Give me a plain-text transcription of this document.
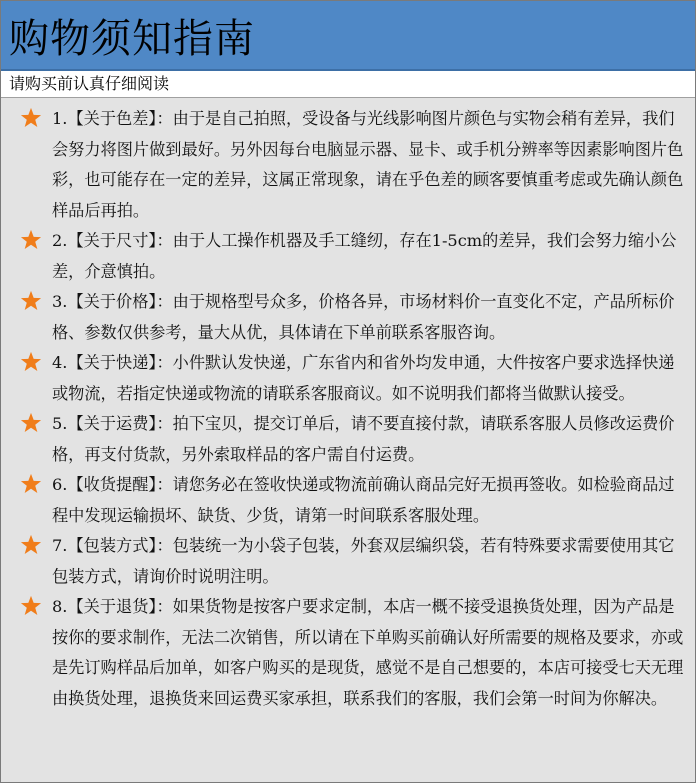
购物须知指南
请购买前认真仔细阅读
1.【关于色差】：由于是自己拍照，受设备与光线影响图片颜色与实物会稍有差异，我们会努力将图片做到最好。另外因每台电脑显示器、显卡、或手机分辨率等因素影响图片色彩，也可能存在一定的差异，这属正常现象，请在乎色差的顾客要慎重考虑或先确认颜色样品后再拍。
2.【关于尺寸】：由于人工操作机器及手工缝纫，存在1-5cm的差异，我们会努力缩小公差，介意慎拍。
3.【关于价格】：由于规格型号众多，价格各异，市场材料价一直变化不定，产品所标价格、参数仅供参考，量大从优，具体请在下单前联系客服咨询。
4.【关于快递】：小件默认发快递，广东省内和省外均发申通，大件按客户要求选择快递或物流，若指定快递或物流的请联系客服商议。如不说明我们都将当做默认接受。
5.【关于运费】：拍下宝贝，提交订单后，请不要直接付款，请联系客服人员修改运费价格，再支付货款，另外索取样品的客户需自付运费。
6.【收货提醒】：请您务必在签收快递或物流前确认商品完好无损再签收。如检验商品过程中发现运输损坏、缺货、少货，请第一时间联系客服处理。
7.【包装方式】：包装统一为小袋子包装，外套双层编织袋，若有特殊要求需要使用其它包装方式，请询价时说明注明。
8.【关于退货】：如果货物是按客户要求定制，本店一概不接受退换货处理，因为产品是按你的要求制作，无法二次销售，所以请在下单购买前确认好所需要的规格及要求，亦或是先订购样品后加单，如客户购买的是现货，感觉不是自己想要的，本店可接受七天无理由换货处理，退换货来回运费买家承担，联系我们的客服，我们会第一时间为你解决。
